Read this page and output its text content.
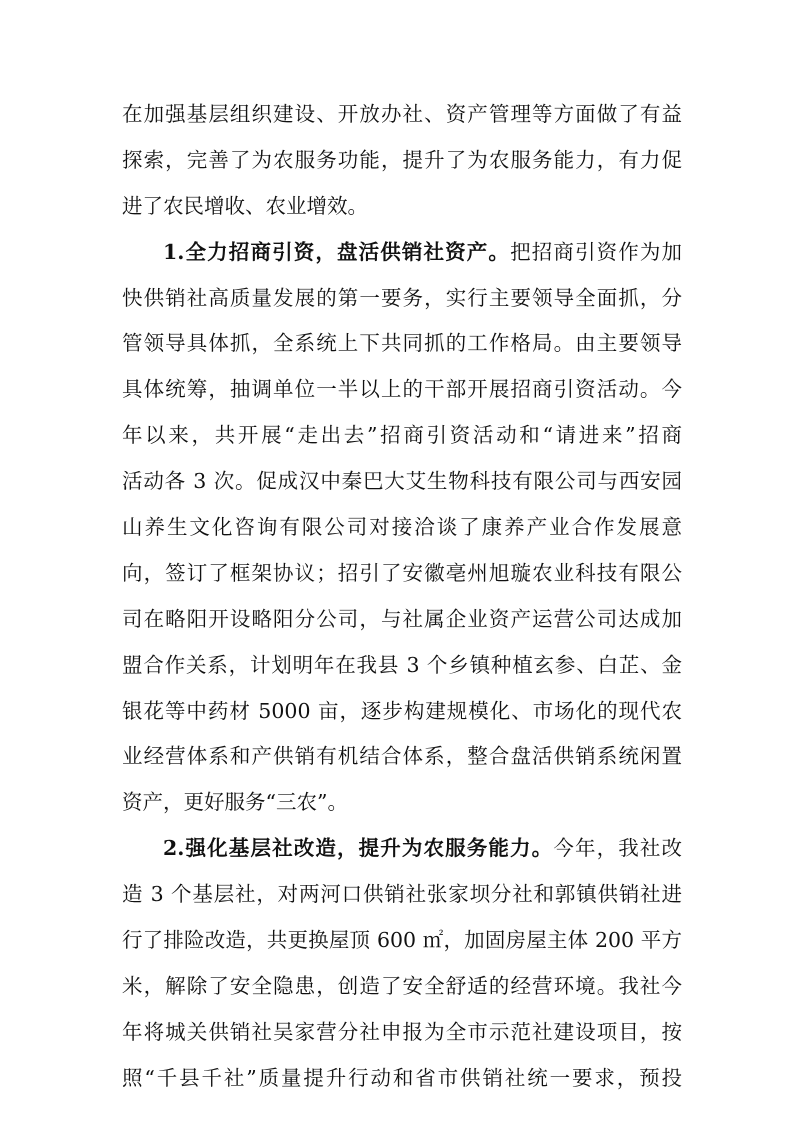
在加强基层组织建设、开放办社、资产管理等方面做了有益
探索，完善了为农服务功能，提升了为农服务能力，有力促
进了农民增收、农业增效。
1.全力招商引资，盘活供销社资产。把招商引资作为加
快供销社高质量发展的第一要务，实行主要领导全面抓，分
管领导具体抓，全系统上下共同抓的工作格局。由主要领导
具体统筹，抽调单位一半以上的干部开展招商引资活动。今
年以来，共开展“走出去”招商引资活动和“请进来”招商
活动各 3 次。促成汉中秦巴大艾生物科技有限公司与西安园
山养生文化咨询有限公司对接洽谈了康养产业合作发展意
向，签订了框架协议；招引了安徽亳州旭璇农业科技有限公
司在略阳开设略阳分公司，与社属企业资产运营公司达成加
盟合作关系，计划明年在我县 3 个乡镇种植玄参、白芷、金
银花等中药材 5000 亩，逐步构建规模化、市场化的现代农
业经营体系和产供销有机结合体系，整合盘活供销系统闲置
资产，更好服务“三农”。
2.强化基层社改造，提升为农服务能力。今年，我社改
造 3 个基层社，对两河口供销社张家坝分社和郭镇供销社进
行了排险改造，共更换屋顶 600 ㎡，加固房屋主体 200 平方
米，解除了安全隐患，创造了安全舒适的经营环境。我社今
年将城关供销社吴家营分社申报为全市示范社建设项目，按
照“千县千社”质量提升行动和省市供销社统一要求，预投
